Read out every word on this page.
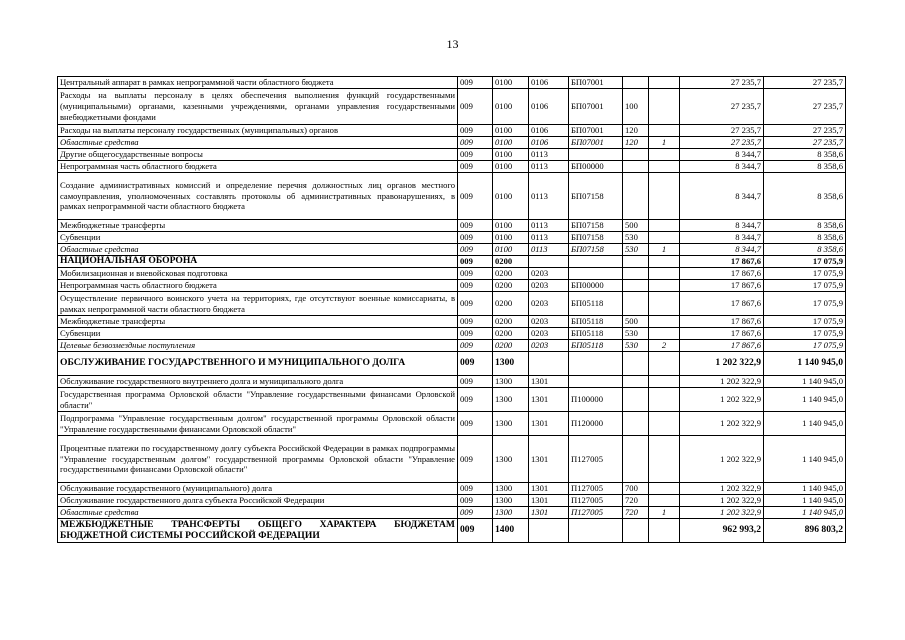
13
Центральный аппарат в рамках непрограммной части областного бюджета	009	0100	0106	БП07001			27 235,7	27 235,7
Расходы на выплаты персоналу в целях обеспечения выполнения функций государственными (муниципальными) органами, казенными учреждениями, органами управления государственными внебюджетными фондами	009	0100	0106	БП07001	100		27 235,7	27 235,7
Расходы на выплаты персоналу государственных (муниципальных) органов	009	0100	0106	БП07001	120		27 235,7	27 235,7
Областные средства	009	0100	0106	БП07001	120	1	27 235,7	27 235,7
Другие общегосударственные вопросы	009	0100	0113				8 344,7	8 358,6
Непрограммная часть областного бюджета	009	0100	0113	БП00000			8 344,7	8 358,6
Создание административных комиссий и определение перечня должностных лиц органов местного самоуправления, уполномоченных составлять протоколы об административных правонарушениях, в рамках непрограммной части областного бюджета	009	0100	0113	БП07158			8 344,7	8 358,6
Межбюджетные трансферты	009	0100	0113	БП07158	500		8 344,7	8 358,6
Субвенции	009	0100	0113	БП07158	530		8 344,7	8 358,6
Областные средства	009	0100	0113	БП07158	530	1	8 344,7	8 358,6
НАЦИОНАЛЬНАЯ ОБОРОНА	009	0200					17 867,6	17 075,9
Мобилизационная и вневойсковая подготовка	009	0200	0203				17 867,6	17 075,9
Непрограммная часть областного бюджета	009	0200	0203	БП00000			17 867,6	17 075,9
Осуществление первичного воинского учета на территориях, где отсутствуют военные комиссариаты, в рамках непрограммной части областного бюджета	009	0200	0203	БП05118			17 867,6	17 075,9
Межбюджетные трансферты	009	0200	0203	БП05118	500		17 867,6	17 075,9
Субвенции	009	0200	0203	БП05118	530		17 867,6	17 075,9
Целевые безвозмездные поступления	009	0200	0203	БП05118	530	2	17 867,6	17 075,9
ОБСЛУЖИВАНИЕ ГОСУДАРСТВЕННОГО И МУНИЦИПАЛЬНОГО ДОЛГА	009	1300					1 202 322,9	1 140 945,0
Обслуживание государственного внутреннего долга и муниципального долга	009	1300	1301				1 202 322,9	1 140 945,0
Государственная программа Орловской области "Управление государственными финансами Орловской области"	009	1300	1301	П100000			1 202 322,9	1 140 945,0
Подпрограмма "Управление государственным долгом" государственной программы Орловской области "Управление государственными финансами Орловской области"	009	1300	1301	П120000			1 202 322,9	1 140 945,0
Процентные платежи по государственному долгу субъекта Российской Федерации в рамках подпрограммы "Управление государственным долгом" государственной программы Орловской области "Управление государственными финансами Орловской области"	009	1300	1301	П127005			1 202 322,9	1 140 945,0
Обслуживание государственного (муниципального) долга	009	1300	1301	П127005	700		1 202 322,9	1 140 945,0
Обслуживание государственного долга субъекта Российской Федерации	009	1300	1301	П127005	720		1 202 322,9	1 140 945,0
Областные средства	009	1300	1301	П127005	720	1	1 202 322,9	1 140 945,0
МЕЖБЮДЖЕТНЫЕ ТРАНСФЕРТЫ ОБЩЕГО ХАРАКТЕРА БЮДЖЕТАМ БЮДЖЕТНОЙ СИСТЕМЫ РОССИЙСКОЙ ФЕДЕРАЦИИ	009	1400					962 993,2	896 803,2
